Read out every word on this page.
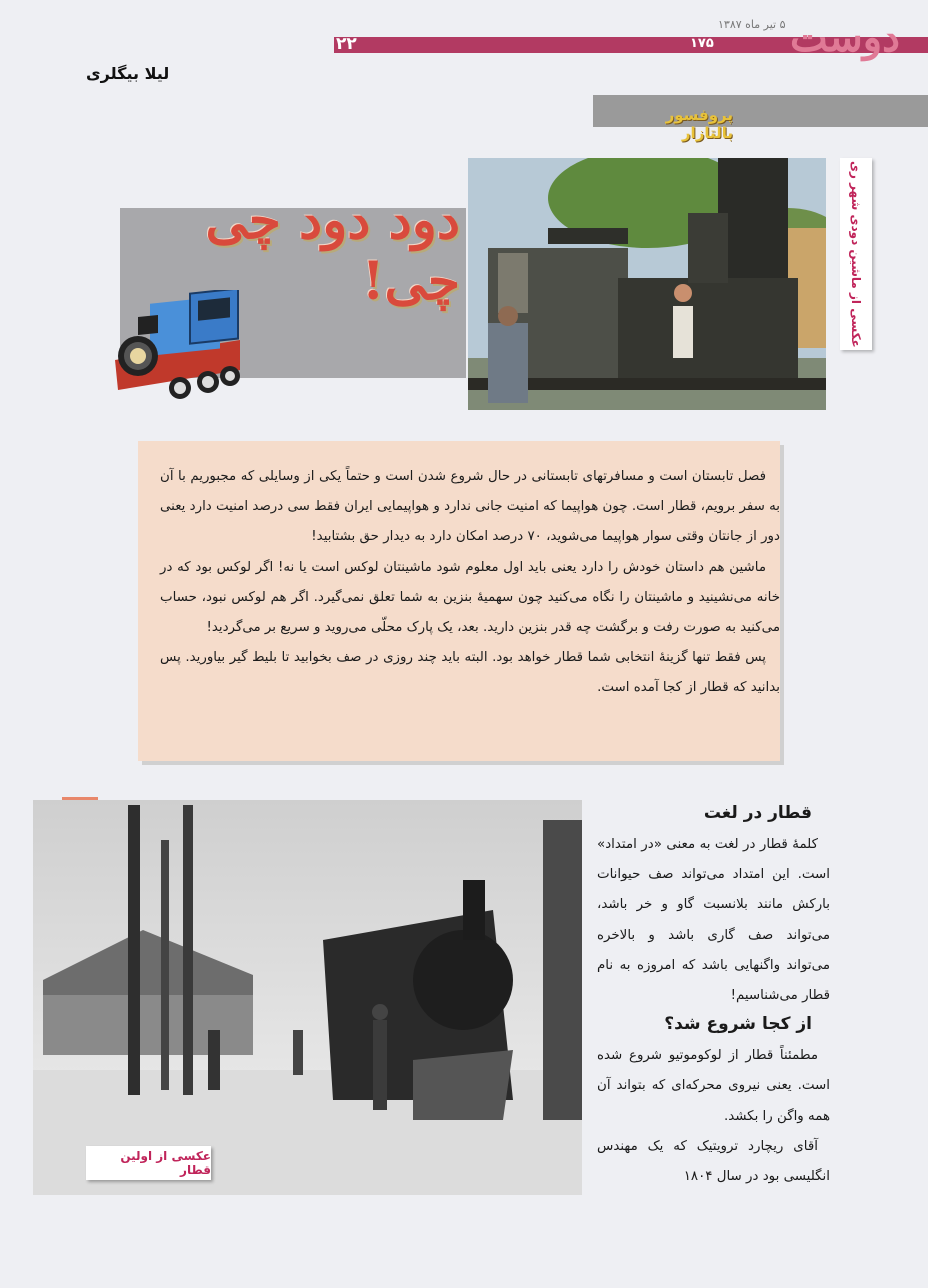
۲۲	۱۷۵
۵ تیر ماه ۱۳۸۷ دوست
لیلا بیگلری
پروفسور بالتازار
دود دود چی چی!	عکسی از ماشین دودی شهر ری

فصل تابستان است و مسافرتهای تابستانی در حال شروع شدن است و حتماً یکی از وسایلی که مجبوریم با آن به سفر برویم، قطار است. چون هواپیما که امنیت جانی ندارد و هواپیمایی ایران فقط سی درصد امنیت دارد یعنی دور از جانتان وقتی سوار هواپیما می‌شوید، ۷۰ درصد امکان دارد به دیدار حق بشتابید!

ماشین هم داستان خودش را دارد یعنی باید اول معلوم شود ماشینتان لوکس است یا نه! اگر لوکس بود که در خانه می‌نشینید و ماشینتان را نگاه می‌کنید چون سهمیهٔ بنزین به شما تعلق نمی‌گیرد. اگر هم لوکس نبود، حساب می‌کنید به صورت رفت و برگشت چه قدر بنزین دارید. بعد، یک پارک محلّی می‌روید و سریع بر می‌گردید!

پس فقط تنها گزینهٔ انتخابی شما قطار خواهد بود. البته باید چند روزی در صف بخوابید تا بلیط گیر بیاورید. پس بدانید که قطار از کجا آمده است.

عکسی از اولین قطار
قطار در لغت

کلمهٔ قطار در لغت به معنی «در امتداد» است. این امتداد می‌تواند صف حیوانات بارکش مانند بلانسبت گاو و خر باشد، می‌تواند صف گاری باشد و بالاخره می‌تواند واگنهایی باشد که امروزه به نام قطار می‌شناسیم!

از کجا شروع شد؟

مطمئناً قطار از لوکوموتیو شروع شده است. یعنی نیروی محرکه‌ای که بتواند آن همه واگن را بکشد.

آقای ریچارد ترویتیک که یک مهندس انگلیسی بود در سال ۱۸۰۴
